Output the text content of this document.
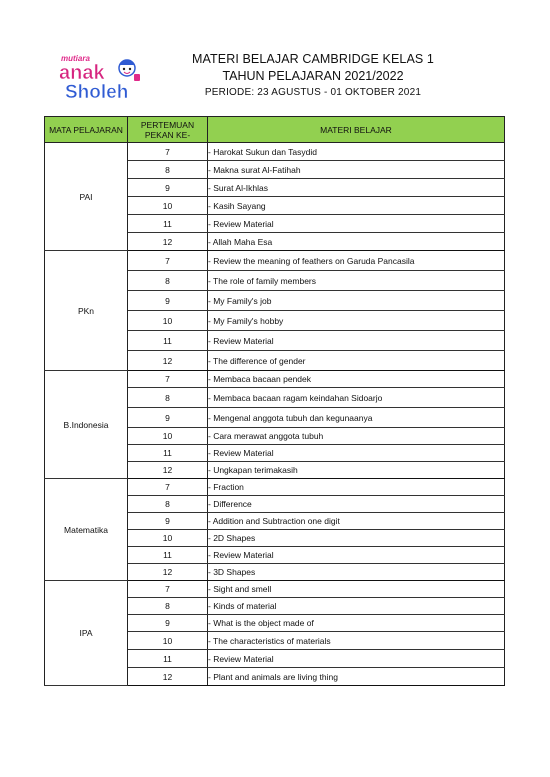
mutiara
anak
Sholeh
MATERI BELAJAR CAMBRIDGE KELAS 1
TAHUN PELAJARAN 2021/2022
PERIODE: 23 AGUSTUS - 01 OKTOBER 2021
MATA PELAJARAN	PERTEMUAN PEKAN KE-	MATERI BELAJAR
PAI	7	- Harokat Sukun dan Tasydid
	8	- Makna surat Al-Fatihah
	9	- Surat Al-Ikhlas
	10	- Kasih Sayang
	11	- Review Material
	12	- Allah Maha Esa
PKn	7	- Review the meaning of feathers on Garuda Pancasila
	8	- The role of family members
	9	- My Family's job
	10	- My Family's hobby
	11	- Review Material
	12	- The difference of gender
B.Indonesia	7	- Membaca bacaan pendek
	8	- Membaca bacaan ragam keindahan Sidoarjo
	9	- Mengenal anggota tubuh dan kegunaanya
	10	- Cara merawat anggota tubuh
	11	- Review Material
	12	- Ungkapan terimakasih
Matematika	7	- Fraction
	8	- Difference
	9	- Addition and Subtraction one digit
	10	- 2D Shapes
	11	- Review Material
	12	- 3D Shapes
IPA	7	- Sight and smell
	8	- Kinds of material
	9	- What is the object made of
	10	- The characteristics of materials
	11	- Review Material
	12	- Plant and animals are living thing
